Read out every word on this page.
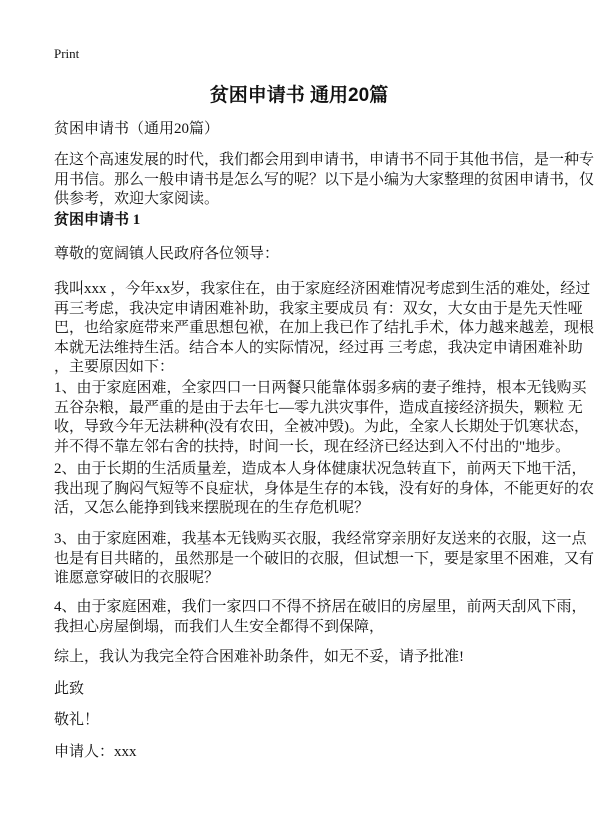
Print
贫困申请书 通用20篇
贫困申请书（通用20篇）
在这个高速发展的时代，我们都会用到申请书，申请书不同于其他书信，是一种专
用书信。那么一般申请书是怎么写的呢？以下是小编为大家整理的贫困申请书，仅
供参考，欢迎大家阅读。
贫困申请书 1
尊敬的宽阔镇人民政府各位领导：
我叫xxx ，今年xx岁，我家住在，由于家庭经济困难情况考虑到生活的难处，经过
再三考虑，我决定申请困难补助，我家主要成员 有：双女，大女由于是先天性哑
巴，也给家庭带来严重思想包袱，在加上我已作了结扎手术，体力越来越差，现根
本就无法维持生活。结合本人的实际情况，经过再 三考虑，我决定申请困难补助
，主要原因如下：
1、由于家庭困难，全家四口一日两餐只能靠体弱多病的妻子维持，根本无钱购买
五谷杂粮，最严重的是由于去年七—零九洪灾事件，造成直接经济损失，颗粒 无
收，导致今年无法耕种(没有农田，全被冲毁)。为此，全家人长期处于饥寒状态，
并不得不靠左邻右舍的扶持，时间一长，现在经济已经达到入不付出的"地步。
2、由于长期的生活质量差，造成本人身体健康状况急转直下，前两天下地干活，
我出现了胸闷气短等不良症状，身体是生存的本钱，没有好的身体，不能更好的农
活，又怎么能挣到钱来摆脱现在的生存危机呢？
3、由于家庭困难，我基本无钱购买衣服，我经常穿亲朋好友送来的衣服，这一点
也是有目共睹的，虽然那是一个破旧的衣服，但试想一下，要是家里不困难，又有
谁愿意穿破旧的衣服呢？
4、由于家庭困难，我们一家四口不得不挤居在破旧的房屋里，前两天刮风下雨，
我担心房屋倒塌，而我们人生安全都得不到保障，
综上，我认为我完全符合困难补助条件，如无不妥，请予批准!
此致
敬礼！
申请人：xxx
